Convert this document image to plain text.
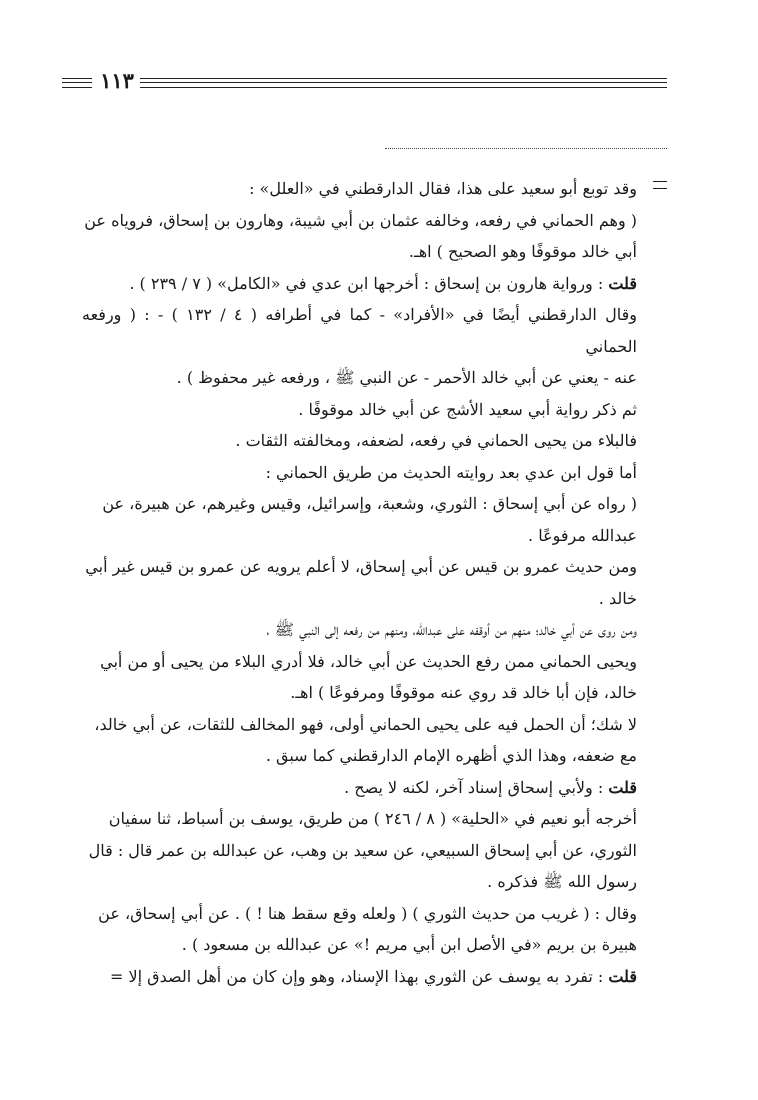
١١٣

وقد توبع أبو سعيد على هذا، فقال الدارقطني في «العلل» :

( وهم الحماني في رفعه، وخالفه عثمان بن أبي شيبة، وهارون بن إسحاق، فروياه عن

أبي خالد موقوفًا وهو الصحيح ) اهـ.

قلت : ورواية هارون بن إسحاق : أخرجها ابن عدي في «الكامل» ( ٧ / ٢٣٩ ) .

وقال الدارقطني أيضًا في «الأفراد» - كما في أطرافه ( ٤ / ١٣٢ ) - : ( ورفعه الحماني

عنه - يعني عن أبي خالد الأحمر - عن النبي ﷺ ، ورفعه غير محفوظ ) .

ثم ذكر رواية أبي سعيد الأشج عن أبي خالد موقوفًا .

فالبلاء من يحيى الحماني في رفعه، لضعفه، ومخالفته الثقات .

أما قول ابن عدي بعد روايته الحديث من طريق الحماني :

( رواه عن أبي إسحاق : الثوري، وشعبة، وإسرائيل، وقيس وغيرهم، عن هبيرة، عن

عبدالله مرفوعًا .

ومن حديث عمرو بن قيس عن أبي إسحاق، لا أعلم يرويه عن عمرو بن قيس غير أبي

خالد .

ومن روى عن أبي خالد؛ منهم من أوقفه على عبدالله، ومنهم من رفعه إلى النبي ﷺ ،

ويحيى الحماني ممن رفع الحديث عن أبي خالد، فلا أدري البلاء من يحيى أو من أبي

خالد، فإن أبا خالد قد روي عنه موقوفًا ومرفوعًا ) اهـ.

لا شك؛ أن الحمل فيه على يحيى الحماني أولى، فهو المخالف للثقات، عن أبي خالد،

مع ضعفه، وهذا الذي أظهره الإمام الدارقطني كما سبق .

قلت : ولأبي إسحاق إسناد آخر، لكنه لا يصح .

أخرجه أبو نعيم في «الحلية» ( ٨ / ٢٤٦ ) من طريق، يوسف بن أسباط، ثنا سفيان

الثوري، عن أبي إسحاق السبيعي، عن سعيد بن وهب، عن عبدالله بن عمر قال : قال

رسول الله ﷺ فذكره .

وقال : ( غريب من حديث الثوري ) ( ولعله وقع سقط هنا ! ) . عن أبي إسحاق، عن

هبيرة بن بريم «في الأصل ابن أبي مريم !» عن عبدالله بن مسعود ) .

قلت : تفرد به يوسف عن الثوري بهذا الإسناد، وهو وإن كان من أهل الصدق إلا =
